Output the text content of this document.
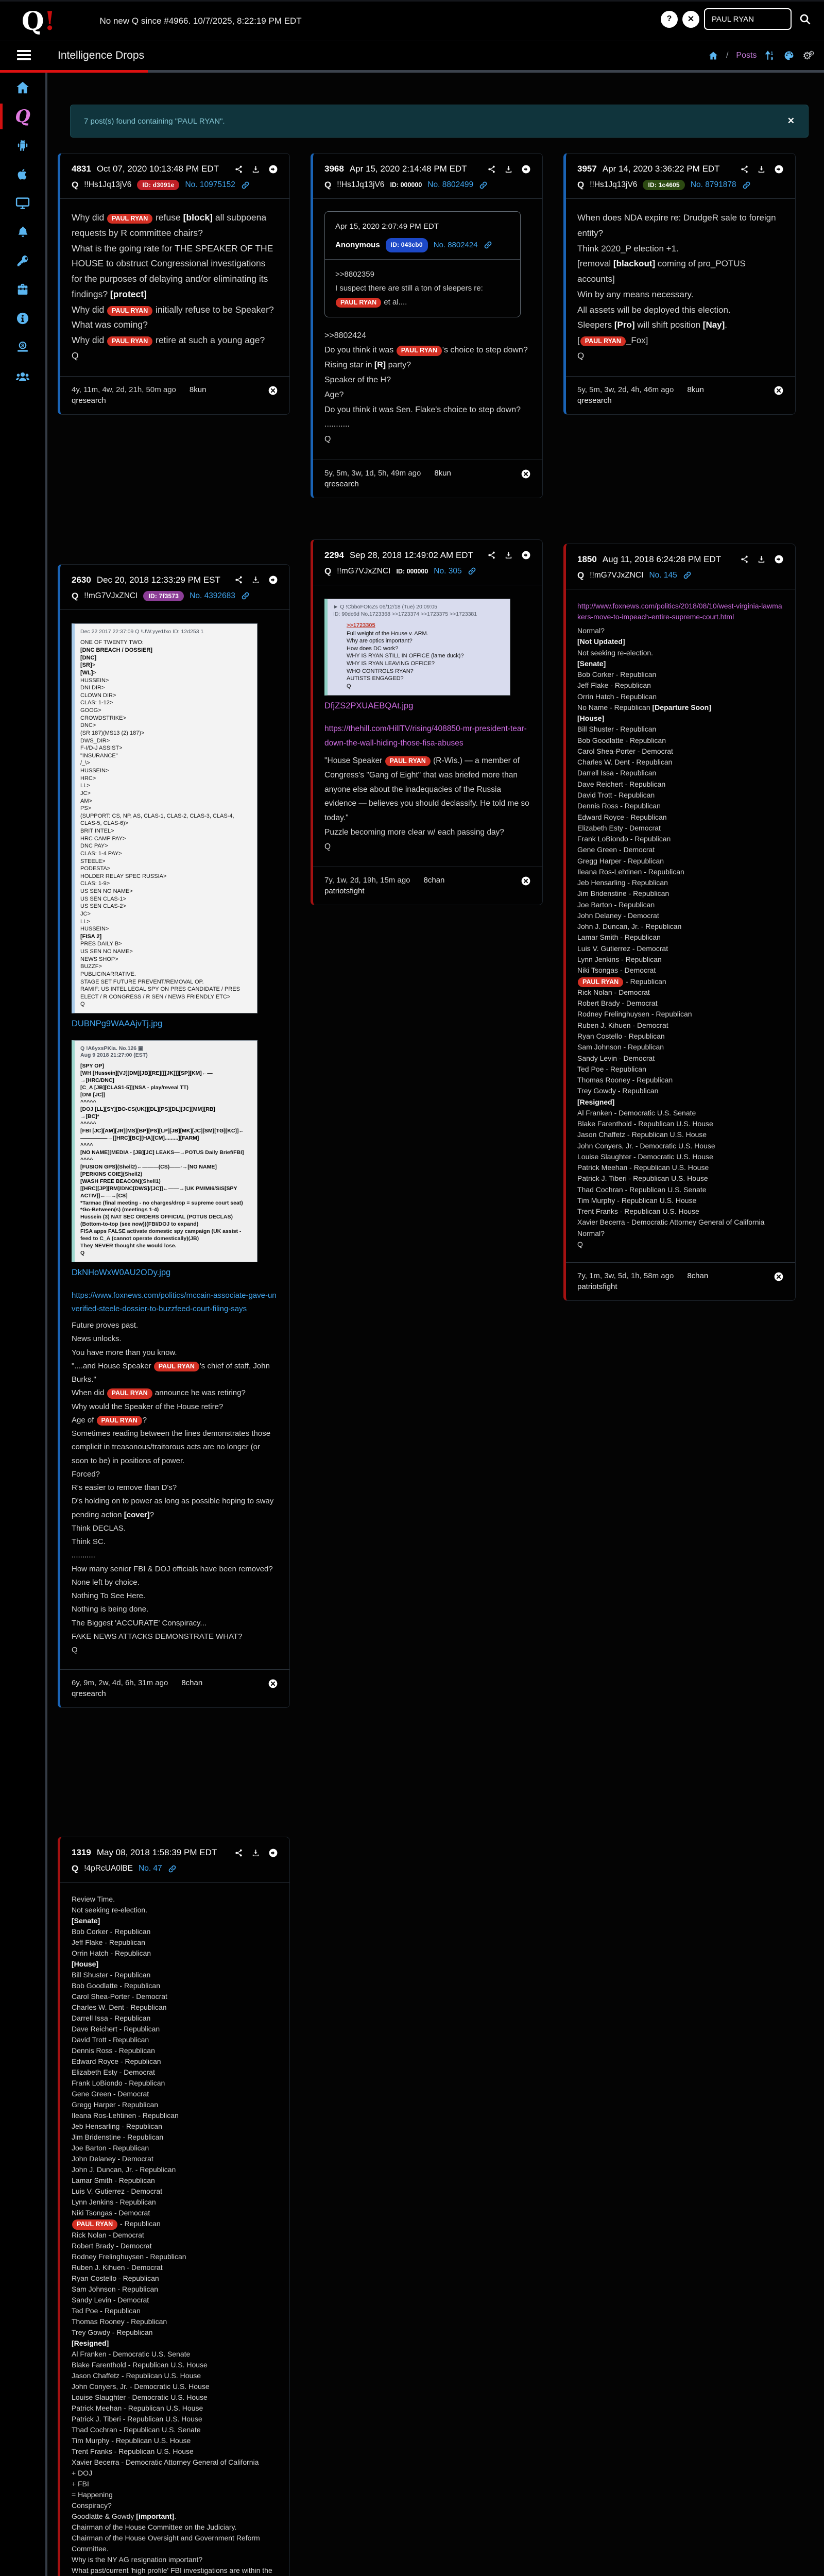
Q!	No new Q since #4966. 10/7/2025, 8:22:19 PM EDT	?	✕
PAUL RYAN
Intelligence Drops	/ Posts	1
9	⚙⚙
Q
$
7 post(s) found containing "PAUL RYAN".	✕
4831 Oct 07, 2020 10:13:48 PM EDT
Q !!Hs1Jq13jV6	ID: d3091e	No. 10975152
Why did PAUL RYAN refuse [block] all subpoena requests by R committee chairs?
What is the going rate for THE SPEAKER OF THE HOUSE to obstruct Congressional investigations for the purposes of delaying and/or eliminating its findings? [protect]
Why did PAUL RYAN initially refuse to be Speaker?
What was coming?
Why did PAUL RYAN retire at such a young age?
Q
4y, 11m, 4w, 2d, 21h, 50m ago 8kun
qresearch
2630 Dec 20, 2018 12:33:29 PM EST
Q !!mG7VJxZNCI	ID: 7f3573	No. 4392683
Dec 22 2017 22:37:09 Q !UW.yye1fxo ID: 12d253 1
ONE OF TWENTY TWO:
[DNC BREACH / DOSSIER]
[DNC]
[SR]>
[WL]>
HUSSEIN>
DNI DIR>
CLOWN DIR>
CLAS: 1-12>
GOOG>
CROWDSTRIKE>
DNC>
(SR 187)(MS13 (2) 187)>
DWS_DIR>
F-I/D-J ASSIST>
"INSURANCE"
/_\>
HUSSEIN>
HRC>
LL>
JC>
AM>
PS>
(SUPPORT: CS, NP, AS, CLAS-1, CLAS-2, CLAS-3, CLAS-4, CLAS-5, CLAS-6)>
BRIT INTEL>
HRC CAMP PAY>
DNC PAY>
CLAS: 1-4 PAY>
STEELE>
PODESTA>
HOLDER RELAY SPEC RUSSIA>
CLAS: 1-9>
US SEN NO NAME>
US SEN CLAS-1>
US SEN CLAS-2>
JC>
LL>
HUSSEIN>
[FISA 2]
PRES DAILY B>
US SEN NO NAME>
NEWS SHOP>
BUZZF>
PUBLIC/NARRATIVE.
STAGE SET FUTURE PREVENT/REMOVAL OP.
RAMIF: US INTEL LEGAL SPY ON PRES CANDIDATE / PRES ELECT / R CONGRESS / R SEN / NEWS FRIENDLY ETC>
Q
DUBNPg9WAAAjvTj.jpg
Q !A6yxsPKia. No.126 ▣
Aug 9 2018 21:27:00 (EST)
[SPY OP]
[WH [Hussein][VJ][DM][JB][RE][[[JK]]][SP][KM]←—
→[HRC/DNC]
[C_A [JB][CLAS1-5]](NSA - play/reveal TT)
[DNI [JC]]
^^^^^
[DOJ [LL][SY][BO-CS(UK)][DL][PS][DL][JC][MM][RB]
→[BC]*
^^^^^
[FBI [JC][AM][JR][MS][BP][PS][LP][JB][MK][JC][SM][TG][KC]]←—————→[[HRC][BC][HA][CM].........][FARM]
^^^^
[NO NAME][MEDIA - [JB][JC] LEAKS—→POTUS Daily Brief/FBI]
^^^^
[FUSION GPS](Shell2)←———(CS)——·→[NO NAME]
[PERKINS COIE](Shell2)
[WASH FREE BEACON](Shell1)
[[HRC][JP][RM]/DNC[DWS]/[JC]]←——→[UK PM/MI6/SIS[SPY ACTIV]]←—→[CS]
*Tarmac (final meeting - no charges/drop = supreme court seat)
*Go-Between(s) (meetings 1-4)
Hussein (3) NAT SEC ORDERS OFFICIAL (POTUS DECLAS)(Bottom-to-top (see now))(FBI/DOJ to expand)
FISA apps FALSE activate domestic spy campaign (UK assist - feed to C_A (cannot operate domestically)(JB)
They NEVER thought she would lose.
Q
DkNHoWxW0AU2ODy.jpg
https://www.foxnews.com/politics/mccain-associate-gave-unverified-steele-dossier-to-buzzfeed-court-filing-says
Future proves past.
News unlocks.
You have more than you know.
"....and House Speaker PAUL RYAN 's chief of staff, John Burks."
When did PAUL RYAN announce he was retiring?
Why would the Speaker of the House retire?
Age of PAUL RYAN ?
Sometimes reading between the lines demonstrates those complicit in treasonous/traitorous acts are no longer (or soon to be) in positions of power.
Forced?
R's easier to remove than D's?
D's holding on to power as long as possible hoping to sway pending action [cover]?
Think DECLAS.
Think SC.
...........
How many senior FBI & DOJ officials have been removed?
None left by choice.
Nothing To See Here.
Nothing is being done.
The Biggest 'ACCURATE' Conspiracy...
FAKE NEWS ATTACKS DEMONSTRATE WHAT?
Q
6y, 9m, 2w, 4d, 6h, 31m ago 8chan
qresearch
1319 May 08, 2018 1:58:39 PM EDT
Q !4pRcUA0lBE No. 47
Review Time.
Not seeking re-election.
[Senate]
Bob Corker - Republican
Jeff Flake - Republican
Orrin Hatch - Republican
[House]
Bill Shuster - Republican
Bob Goodlatte - Republican
Carol Shea-Porter - Democrat
Charles W. Dent - Republican
Darrell Issa - Republican
Dave Reichert - Republican
David Trott - Republican
Dennis Ross - Republican
Edward Royce - Republican
Elizabeth Esty - Democrat
Frank LoBiondo - Republican
Gene Green - Democrat
Gregg Harper - Republican
Ileana Ros-Lehtinen - Republican
Jeb Hensarling - Republican
Jim Bridenstine - Republican
Joe Barton - Republican
John Delaney - Democrat
John J. Duncan, Jr. - Republican
Lamar Smith - Republican
Luis V. Gutierrez - Democrat
Lynn Jenkins - Republican
Niki Tsongas - Democrat
PAUL RYAN - Republican
Rick Nolan - Democrat
Robert Brady - Democrat
Rodney Frelinghuysen - Republican
Ruben J. Kihuen - Democrat
Ryan Costello - Republican
Sam Johnson - Republican
Sandy Levin - Democrat
Ted Poe - Republican
Thomas Rooney - Republican
Trey Gowdy - Republican
[Resigned]
Al Franken - Democratic U.S. Senate
Blake Farenthold - Republican U.S. House
Jason Chaffetz - Republican U.S. House
John Conyers, Jr. - Democratic U.S. House
Louise Slaughter - Democratic U.S. House
Patrick Meehan - Republican U.S. House
Patrick J. Tiberi - Republican U.S. House
Thad Cochran - Republican U.S. Senate
Tim Murphy - Republican U.S. House
Trent Franks - Republican U.S. House
Xavier Becerra - Democratic Attorney General of California
+ DOJ
+ FBI
= Happening
Conspiracy?
Goodlatte & Gowdy [important].
Chairman of the House Committee on the Judiciary.
Chairman of the House Oversight and Government Reform Committee.
Why is the NY AG resignation important?
What past/current 'high profile' FBI investigations are within the

3968 Apr 15, 2020 2:14:48 PM EDT
Q !!Hs1Jq13jV6 ID: 000000 No. 8802499
Apr 15, 2020 2:07:49 PM EDT
Anonymous	ID: 043cb0	No. 8802424
>>8802359
I suspect there are still a ton of sleepers re: PAUL RYAN et al....
>>8802424
Do you think it was PAUL RYAN 's choice to step down?
Rising star in [R] party?
Speaker of the H?
Age?
Do you think it was Sen. Flake's choice to step down?
...........
Q
5y, 5m, 3w, 1d, 5h, 49m ago 8kun
qresearch
2294 Sep 28, 2018 12:49:02 AM EDT
Q !!mG7VJxZNCI ID: 000000 No. 305
► Q !CbboFOtcZs 06/12/18 (Tue) 20:09:05
ID: 90dc6d No.1723368 >>1723374 >>1723375 >>1723381
>>1723305
Full weight of the House v. ARM.
Why are optics important?
How does DC work?
WHY IS RYAN STILL IN OFFICE (lame duck)?
WHY IS RYAN LEAVING OFFICE?
WHO CONTROLS RYAN?
AUTISTS ENGAGED?
Q
DfjZS2PXUAEBQAt.jpg
https://thehill.com/HillTV/rising/408850-mr-president-tear-down-the-wall-hiding-those-fisa-abuses
"House Speaker PAUL RYAN (R-Wis.) — a member of Congress's "Gang of Eight" that was briefed more than anyone else about the inadequacies of the Russia evidence — believes you should declassify. He told me so today."
Puzzle becoming more clear w/ each passing day?
Q
7y, 1w, 2d, 19h, 15m ago 8chan
patriotsfight
3957 Apr 14, 2020 3:36:22 PM EDT
Q !!Hs1Jq13jV6	ID: 1c4605	No. 8791878
When does NDA expire re: DrudgeR sale to foreign entity?
Think 2020_P election +1.
[removal [blackout] coming of pro_POTUS accounts]
Win by any means necessary.
All assets will be deployed this election.
Sleepers [Pro] will shift position [Nay].
[ PAUL RYAN _Fox]
Q
5y, 5m, 3w, 2d, 4h, 46m ago 8kun
qresearch
1850 Aug 11, 2018 6:24:28 PM EDT
Q !!mG7VJxZNCI No. 145
http://www.foxnews.com/politics/2018/08/10/west-virginia-lawmakers-move-to-impeach-entire-supreme-court.html
Normal?
[Not Updated]
Not seeking re-election.
[Senate]
Bob Corker - Republican
Jeff Flake - Republican
Orrin Hatch - Republican
No Name - Republican [Departure Soon]
[House]
Bill Shuster - Republican
Bob Goodlatte - Republican
Carol Shea-Porter - Democrat
Charles W. Dent - Republican
Darrell Issa - Republican
Dave Reichert - Republican
David Trott - Republican
Dennis Ross - Republican
Edward Royce - Republican
Elizabeth Esty - Democrat
Frank LoBiondo - Republican
Gene Green - Democrat
Gregg Harper - Republican
Ileana Ros-Lehtinen - Republican
Jeb Hensarling - Republican
Jim Bridenstine - Republican
Joe Barton - Republican
John Delaney - Democrat
John J. Duncan, Jr. - Republican
Lamar Smith - Republican
Luis V. Gutierrez - Democrat
Lynn Jenkins - Republican
Niki Tsongas - Democrat
PAUL RYAN - Republican
Rick Nolan - Democrat
Robert Brady - Democrat
Rodney Frelinghuysen - Republican
Ruben J. Kihuen - Democrat
Ryan Costello - Republican
Sam Johnson - Republican
Sandy Levin - Democrat
Ted Poe - Republican
Thomas Rooney - Republican
Trey Gowdy - Republican
[Resigned]
Al Franken - Democratic U.S. Senate
Blake Farenthold - Republican U.S. House
Jason Chaffetz - Republican U.S. House
John Conyers, Jr. - Democratic U.S. House
Louise Slaughter - Democratic U.S. House
Patrick Meehan - Republican U.S. House
Patrick J. Tiberi - Republican U.S. House
Thad Cochran - Republican U.S. Senate
Tim Murphy - Republican U.S. House
Trent Franks - Republican U.S. House
Xavier Becerra - Democratic Attorney General of California
Normal?
Q
7y, 1m, 3w, 5d, 1h, 58m ago 8chan
patriotsfight
